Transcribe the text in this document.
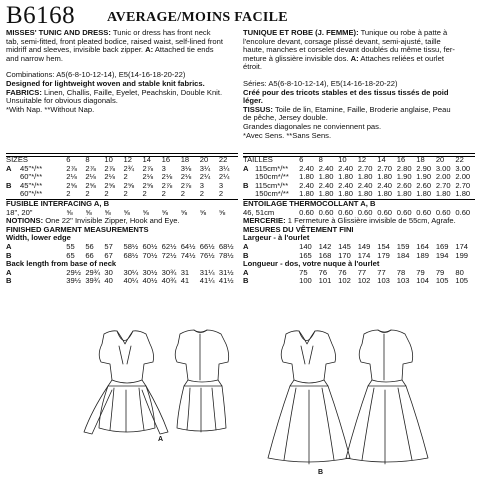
B6168 AVERAGE/MOINS FACILE

MISSES' TUNIC AND DRESS: Tunic or dress has front neck

tab, semi-fitted, front pleated bodice, raised waist, self-lined front

midriff and sleeves, invisible back zipper. A: Attached tie ends

and narrow hem.

Combinations: A5(6-8-10-12-14), E5(14-16-18-20-22)

Designed for lightweight woven and stable knit fabrics.

FABRICS: Linen, Challis, Faille, Eyelet, Peachskin, Double Knit.

Unsuitable for obvious diagonals.

*With Nap. **Without Nap.

SIZES		6	8	10	12	14	16	18	20	22
A	45"*/**	2⅞	2⅞	2⅞	2¾	2⅞	3	3⅛	3¼	3¼
	60"*/**	2⅛	2⅛	2⅛	2	2⅛	2⅛	2⅛	2¼	2¼
B	45"*/**	2⅝	2⅝	2⅝	2⅝	2⅝	2⅞	2⅞	3	3
	60"*/**	2	2	2	2	2	2	2	2	2
FUSIBLE INTERFACING A, B										
18", 20"		⅝	⅝	⅝	⅝	⅝	⅝	⅝	⅝	⅝
NOTIONS: One 22" Invisible Zipper, Hook and Eye.										
FINISHED GARMENT MEASUREMENTS										
Width, lower edge										
A		55	56	57	58½	60½	62½	64½	66½	68½
B		65	66	67	68½	70½	72½	74½	76½	78½
Back length from base of neck										
A		29½	29¾	30	30¼	30½	30¾	31	31¼	31½
B		39½	39¾	40	40¼	40½	40¾	41	41¼	41½

TUNIQUE ET ROBE (J. FEMME): Tunique ou robe à patte à

l'encolure devant, corsage plissé devant, semi-ajusté, taille

haute, manches et corselet devant doublés du même tissu, fer-

meture à glissière invisible dos. A: Attaches reliées et ourlet

étroit.

Séries: A5(6-8-10-12-14), E5(14-16-18-20-22)

Créé pour des tricots stables et des tissus tissés de poid

léger.

TISSUS: Toile de lin, Etamine, Faille, Broderie anglaise, Peau

de pêche, Jersey double.

Grandes diagonales ne conviennent pas.

*Avec Sens. **Sans Sens.

TAILLES		6	8	10	12	14	16	18	20	22
A	115cm*/**	2.40	2.40	2.40	2.70	2.70	2.80	2.90	3.00	3.00
	150cm*/**	1.80	1.80	1.80	1.80	1.80	1.90	1.90	2.00	2.00
B	115cm*/**	2.40	2.40	2.40	2.40	2.40	2.60	2.60	2.70	2.70
	150cm*/**	1.80	1.80	1.80	1.80	1.80	1.80	1.80	1.80	1.80
ENTOILAGE THERMOCOLLANT A, B										
46, 51cm		0.60	0.60	0.60	0.60	0.60	0.60	0.60	0.60	0.60
MERCERIE: 1 Fermeture à Glissière invisible de 55cm, Agrafe.										
MESURES DU VÊTEMENT FINI										
Largeur - à l'ourlet										
A		140	142	145	149	154	159	164	169	174
B		165	168	170	174	179	184	189	194	199
Longueur - dos, votre nuque à l'ourlet										
A		75	76	76	77	77	78	79	79	80
B		100	101	102	102	103	103	104	105	105
A
B
